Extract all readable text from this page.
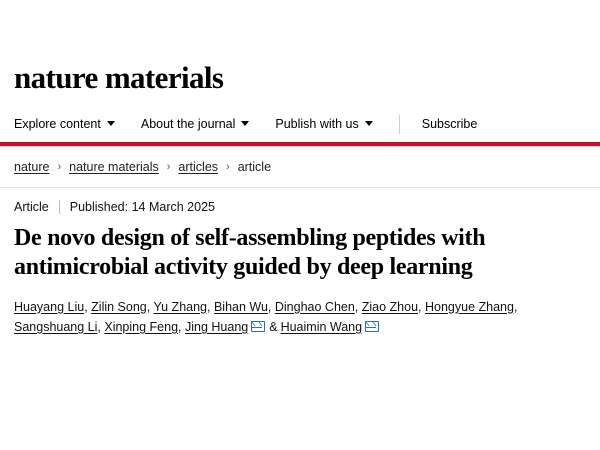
nature materials
Explore content	About the journal	Publish with us	Subscribe
nature › nature materials › articles › article
Article Published: 14 March 2025
De novo design of self-assembling peptides with antimicrobial activity guided by deep learning
Huayang Liu, Zilin Song, Yu Zhang, Bihan Wu, Dinghao Chen, Ziao Zhou, Hongyue Zhang, Sangshuang Li, Xinping Feng, Jing Huang & Huaimin Wang
